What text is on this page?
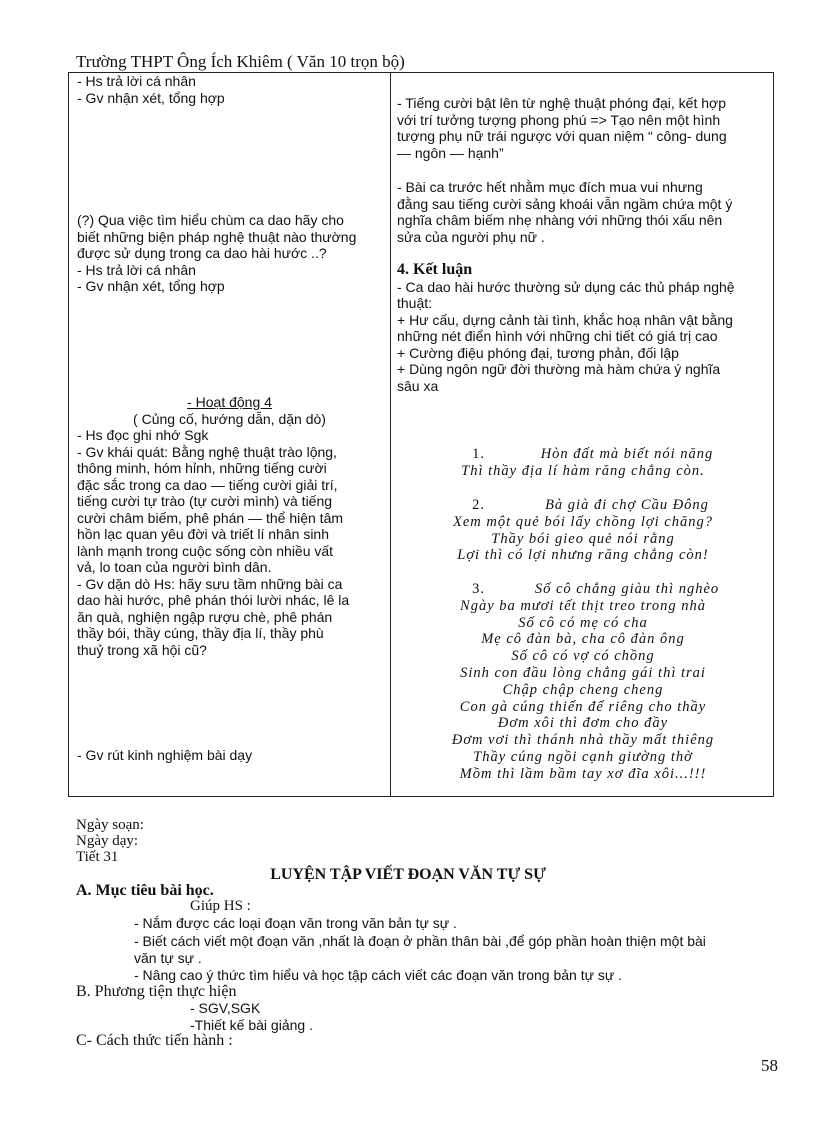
Trường THPT Ông Ích Khiêm ( Văn 10 trọn bộ)
- Hs trả lời cá nhân
- Gv nhận xét, tổng hợp
(?) Qua việc tìm hiểu chùm ca dao hãy cho
biết những biện pháp nghệ thuật nào thường
được sử dụng trong ca dao hài hước ..?
- Hs trả lời cá nhân
- Gv nhận xét, tổng hợp
- Hoạt động 4
( Củng cố, hướng dẫn, dặn dò)
- Hs đọc ghi nhớ Sgk
- Gv khái quát: Bằng nghệ thuật trào lộng,
thông minh, hóm hỉnh, những tiếng cười
đặc sắc trong ca dao — tiếng cười giải trí,
tiếng cười tự trào (tự cười mình) và tiếng
cười châm biếm, phê phán — thể hiện tâm
hồn lạc quan yêu đời và triết lí nhân sinh
lành mạnh trong cuộc sống còn nhiều vất
vả, lo toan của người bình dân.
- Gv dặn dò Hs: hãy sưu tầm những bài ca
dao hài hước, phê phán thói lười nhác, lê la
ăn quà, nghiện ngập rượu chè, phê phán
thầy bói, thầy cúng, thầy địa lí, thầy phù
thuỷ trong xã hội cũ?
- Gv rút kinh nghiệm bài dạy
- Tiếng cười bật lên từ nghệ thuật phóng đại, kết hợp
với trí tưởng tượng phong phú => Tạo nên một hình
tượng phụ nữ trái ngược với quan niệm “ công- dung
— ngôn — hạnh”
- Bài ca trước hết nhằm mục đích mua vui nhưng
đằng sau tiếng cười sảng khoái vẫn ngầm chứa một ý
nghĩa châm biếm nhẹ nhàng với những thói xấu nên
sửa của người phụ nữ .
4. Kết luận
- Ca dao hài hước thường sử dụng các thủ pháp nghệ
thuật:
+ Hư cấu, dựng cảnh tài tình, khắc hoạ nhân vật bằng
những nét điển hình với những chi tiết có giá trị cao
+ Cường điệu phóng đại, tương phản, đối lập
+ Dùng ngôn ngữ đời thường mà hàm chứa ý nghĩa
sâu xa
1.	Hòn đất mà biết nói năng
Thì thầy địa lí hàm răng chẳng còn.
2.	Bà già đi chợ Cầu Đông
Xem một quẻ bói lấy chồng lợi chăng?
Thầy bói gieo quẻ nói rằng
Lợi thì có lợi nhưng răng chẳng còn!
3.	Số cô chẳng giàu thì nghèo
Ngày ba mươi tết thịt treo trong nhà
Số cô có mẹ có cha
Mẹ cô đàn bà, cha cô đàn ông
Số cô có vợ có chồng
Sinh con đầu lòng chẳng gái thì trai
Chập chập cheng cheng
Con gà cúng thiến để riêng cho thầy
Đơm xôi thì đơm cho đầy
Đơm vơi thì thánh nhà thầy mất thiêng
Thầy cúng ngồi cạnh giường thờ
Mồm thì lầm bầm tay xơ đĩa xôi...!!!
Ngày soạn:
Ngày dạy:
Tiết 31
LUYỆN TẬP VIẾT ĐOẠN VĂN TỰ SỰ
A. Mục tiêu bài học.
Giúp HS :
- Nắm được các loại đoạn văn trong văn bản tự sự .
- Biết cách viết một đoạn văn ,nhất là đoạn ở phần thân bài ,để góp phần hoàn thiện một bài
văn tự sự .
- Nâng cao ý thức tìm hiểu và học tập cách viết các đoạn văn trong bản tự sự .
B. Phương tiện thực hiện
- SGV,SGK
-Thiết kế bài giảng .
C- Cách thức tiến hành :
58
